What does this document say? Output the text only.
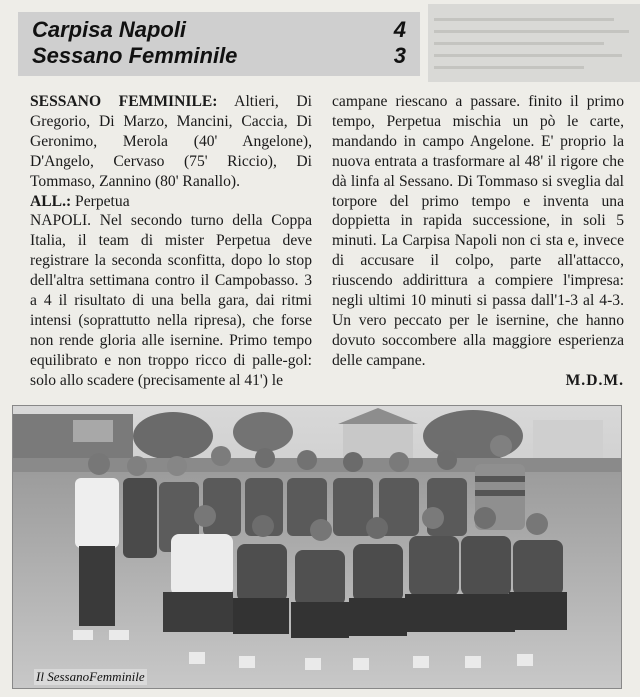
Carpisa Napoli	4
Sessano Femminile	3

SESSANO FEMMINILE: Altieri, Di Gregorio, Di Marzo, Mancini, Caccia, Di Geronimo, Merola (40' Angelone), D'Angelo, Cervaso (75' Riccio), Di Tommaso, Zannino (80' Ranallo).

ALL.: Perpetua

NAPOLI. Nel secondo turno della Coppa Italia, il team di mister Perpetua deve registrare la seconda sconfitta, dopo lo stop dell'altra settimana contro il Campobasso. 3 a 4 il risultato di una bella gara, dai ritmi intensi (soprattutto nella ripresa), che forse non rende gloria alle isernine. Primo tempo equilibrato e non troppo ricco di palle-gol: solo allo scadere (precisamente al 41') le

campane riescano a passare. finito il primo tempo, Perpetua mischia un pò le carte, mandando in campo Angelone. E' proprio la nuova entrata a trasformare al 48' il rigore che dà linfa al Sessano. Di Tommaso si sveglia dal torpore del primo tempo e inventa una doppietta in rapida successione, in soli 5 minuti. La Carpisa Napoli non ci sta e, invece di accusare il colpo, parte all'attacco, riuscendo addirittura a compiere l'impresa: negli ultimi 10 minuti si passa dall'1-3 al 4-3. Un vero peccato per le isernine, che hanno dovuto soccombere alla maggiore esperienza delle campane.

M.D.M.

Il SessanoFemminile
